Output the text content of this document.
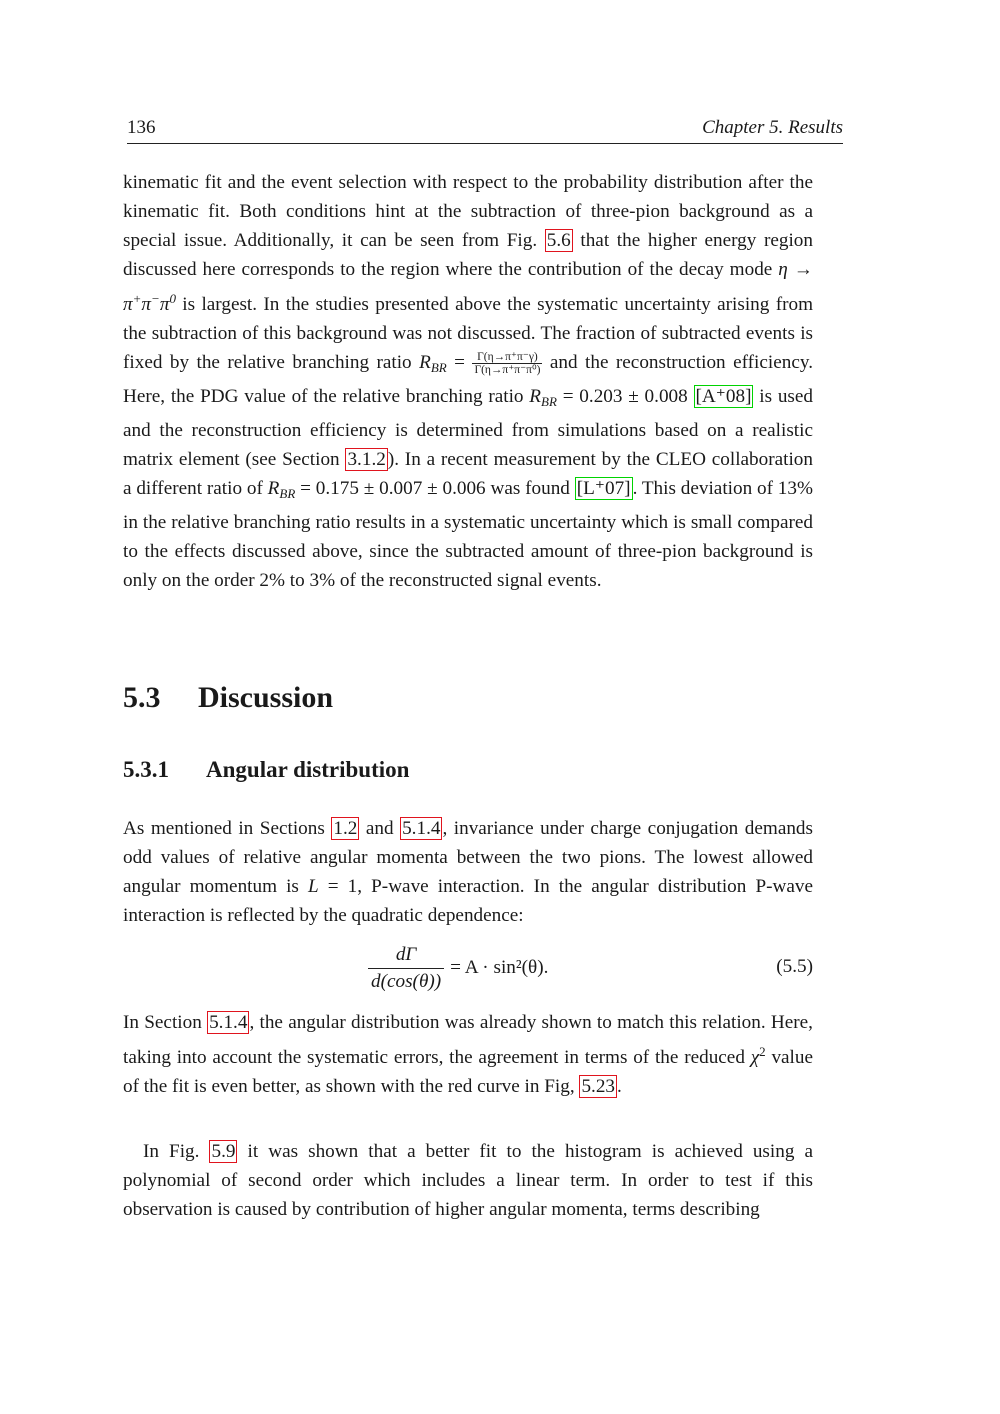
136	Chapter 5. Results

kinematic fit and the event selection with respect to the probability distribution after the kinematic fit. Both conditions hint at the subtraction of three-pion background as a special issue. Additionally, it can be seen from Fig. 5.6 that the higher energy region discussed here corresponds to the region where the contribution of the decay mode $\eta \to \pi^+\pi^-\pi^0$ is largest. In the studies presented above the systematic uncertainty arising from the subtraction of this background was not discussed. The fraction of subtracted events is fixed by the relative branching ratio $R_{BR} = \frac{\Gamma(\eta\to\pi^+\pi^-\gamma)}{\text{Γ(η→π⁺π⁻π⁰)}}$ and the reconstruction efficiency. Here, the PDG value of the relative branching ratio $R_{BR} = 0.203 \pm 0.008$ [A⁺08] is used and the reconstruction efficiency is determined from simulations based on a realistic matrix element (see Section 3.1.2 ). In a recent measurement by the CLEO collaboration a different ratio of $R_{BR} = 0.175 \pm 0.007 \pm 0.006$ was found [L⁺07] . This deviation of 13% in the relative branching ratio results in a systematic uncertainty which is small compared to the effects discussed above, since the subtracted amount of three-pion background is only on the order 2% to 3% of the reconstructed signal events.

5.3 Discussion
5.3.1 Angular distribution

As mentioned in Sections 1.2 and 5.1.4 , invariance under charge conjugation demands odd values of relative angular momenta between the two pions. The lowest allowed angular momentum is L = 1, P-wave interaction. In the angular distribution P-wave interaction is reflected by the quadratic dependence:

$\frac{d\Gamma}{d(\cos(\theta))} = A \cdot \sin^2(\theta)$.	(5.5)

In Section 5.1.4 , the angular distribution was already shown to match this relation. Here, taking into account the systematic errors, the agreement in terms of the reduced $\chi^2$ value of the fit is even better, as shown with the red curve in Fig, 5.23 .

In Fig. 5.9 it was shown that a better fit to the histogram is achieved using a polynomial of second order which includes a linear term. In order to test if this observation is caused by contribution of higher angular momenta, terms describing
